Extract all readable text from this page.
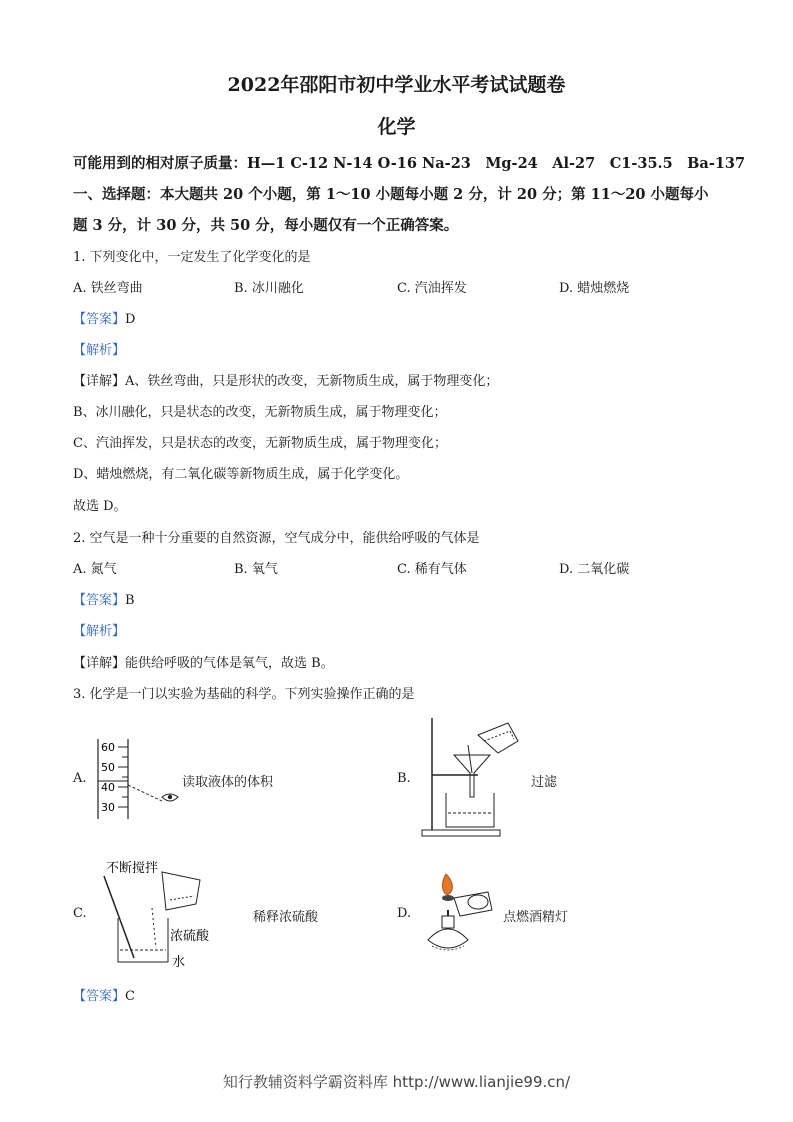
2022年邵阳市初中学业水平考试试题卷
化学
可能用到的相对原子质量：H—1 C-12 N-14 O-16 Na-23　Mg-24　Al-27　C1-35.5　Ba-137
一、选择题：本大题共 20 个小题，第 1～10 小题每小题 2 分，计 20 分；第 11～20 小题每小
题 3 分，计 30 分，共 50 分，每小题仅有一个正确答案。
1. 下列变化中，一定发生了化学变化的是
A. 铁丝弯曲	B. 冰川融化	C. 汽油挥发	D. 蜡烛燃烧
【答案】D
【解析】
【详解】A、铁丝弯曲，只是形状的改变，无新物质生成，属于物理变化；
B、冰川融化，只是状态的改变，无新物质生成，属于物理变化；
C、汽油挥发，只是状态的改变，无新物质生成，属于物理变化；
D、蜡烛燃烧，有二氧化碳等新物质生成，属于化学变化。
故选 D。
2. 空气是一种十分重要的自然资源，空气成分中，能供给呼吸的气体是
A. 氮气	B. 氧气	C. 稀有气体	D. 二氧化碳
【答案】B
【解析】
【详解】能供给呼吸的气体是氧气，故选 B。
3. 化学是一门以实验为基础的科学。下列实验操作正确的是
A.
60
50
40
30
读取液体的体积	B.	过滤
C.
不断搅拌
浓硫酸
水
稀释浓硫酸	D.	点燃酒精灯
【答案】C
知行教辅资料学霸资料库 http://www.lianjie99.cn/
